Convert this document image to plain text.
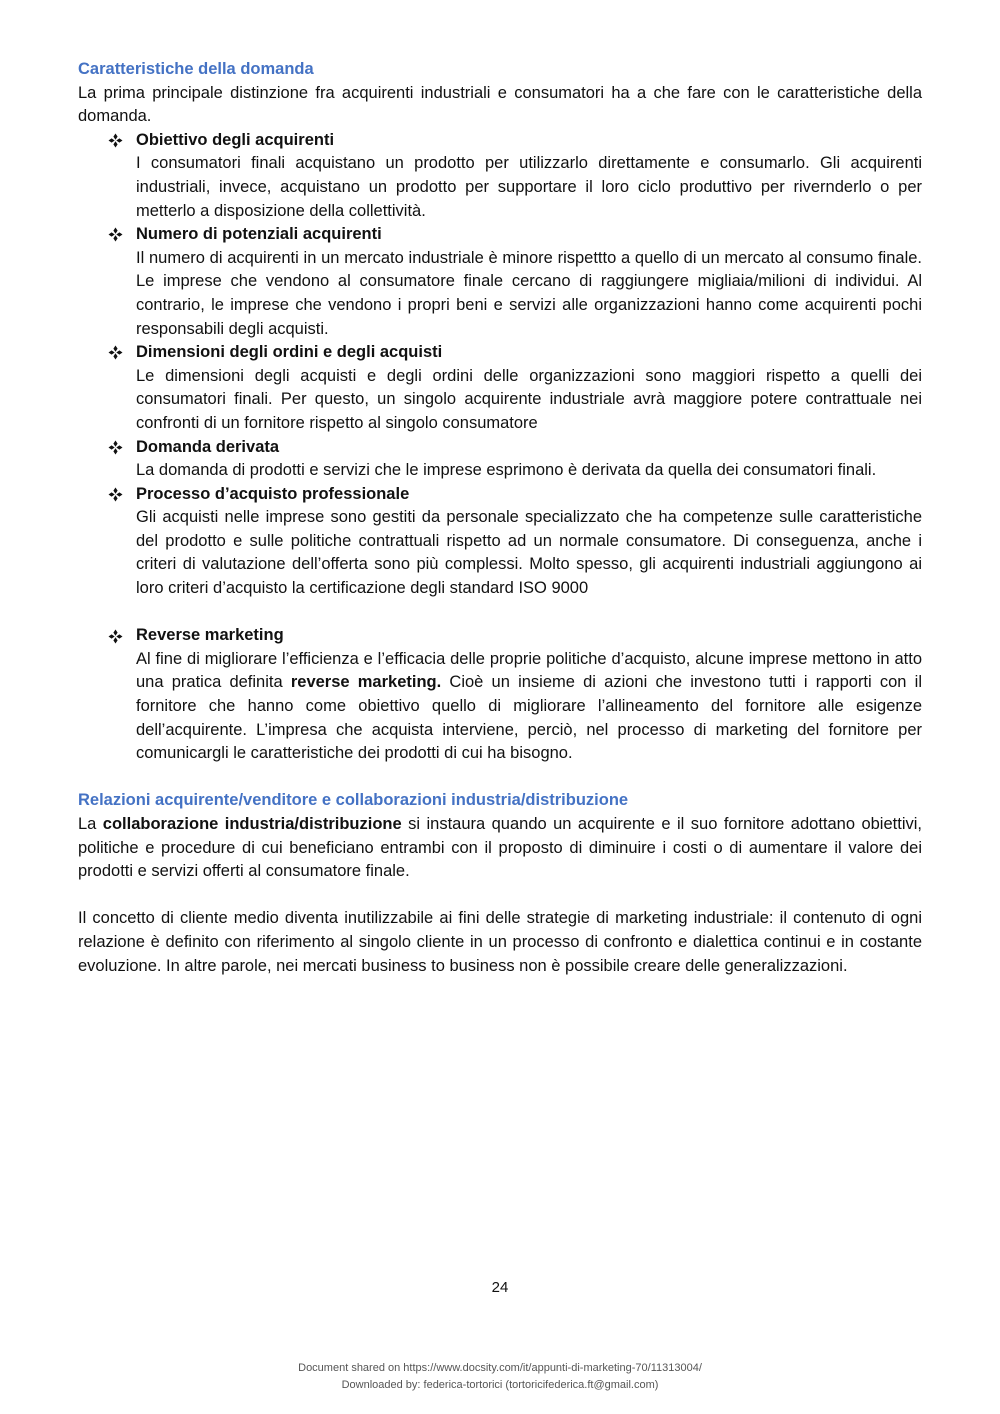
Caratteristiche della domanda

La prima principale distinzione fra acquirenti industriali e consumatori ha a che fare con le caratteristiche della domanda.

Obiettivo degli acquirenti
I consumatori finali acquistano un prodotto per utilizzarlo direttamente e consumarlo. Gli acquirenti industriali, invece, acquistano un prodotto per supportare il loro ciclo produttivo per rivernderlo o per metterlo a disposizione della collettività.
Numero di potenziali acquirenti
Il numero di acquirenti in un mercato industriale è minore rispettto a quello di un mercato al consumo finale. Le imprese che vendono al consumatore finale cercano di raggiungere migliaia/milioni di individui. Al contrario, le imprese che vendono i propri beni e servizi alle organizzazioni hanno come acquirenti pochi responsabili degli acquisti.
Dimensioni degli ordini e degli acquisti
Le dimensioni degli acquisti e degli ordini delle organizzazioni sono maggiori rispetto a quelli dei consumatori finali. Per questo, un singolo acquirente industriale avrà maggiore potere contrattuale nei confronti di un fornitore rispetto al singolo consumatore
Domanda derivata
La domanda di prodotti e servizi che le imprese esprimono è derivata da quella dei consumatori finali.
Processo d’acquisto professionale
Gli acquisti nelle imprese sono gestiti da personale specializzato che ha competenze sulle caratteristiche del prodotto e sulle politiche contrattuali rispetto ad un normale consumatore. Di conseguenza, anche i criteri di valutazione dell’offerta sono più complessi. Molto spesso, gli acquirenti industriali aggiungono ai loro criteri d’acquisto la certificazione degli standard ISO 9000
Reverse marketing
Al fine di migliorare l’efficienza e l’efficacia delle proprie politiche d’acquisto, alcune imprese mettono in atto una pratica definita reverse marketing. Cioè un insieme di azioni che investono tutti i rapporti con il fornitore che hanno come obiettivo quello di migliorare l’allineamento del fornitore alle esigenze dell’acquirente. L’impresa che acquista interviene, perciò, nel processo di marketing del fornitore per comunicargli le caratteristiche dei prodotti di cui ha bisogno.
Relazioni acquirente/venditore e collaborazioni industria/distribuzione

La collaborazione industria/distribuzione si instaura quando un acquirente e il suo fornitore adottano obiettivi, politiche e procedure di cui beneficiano entrambi con il proposto di diminuire i costi o di aumentare il valore dei prodotti e servizi offerti al consumatore finale.

Il concetto di cliente medio diventa inutilizzabile ai fini delle strategie di marketing industriale: il contenuto di ogni relazione è definito con riferimento al singolo cliente in un processo di confronto e dialettica continui e in costante evoluzione. In altre parole, nei mercati business to business non è possibile creare delle generalizzazioni.

24
Document shared on https://www.docsity.com/it/appunti-di-marketing-70/11313004/
Downloaded by: federica-tortorici (tortoricifederica.ft@gmail.com)
